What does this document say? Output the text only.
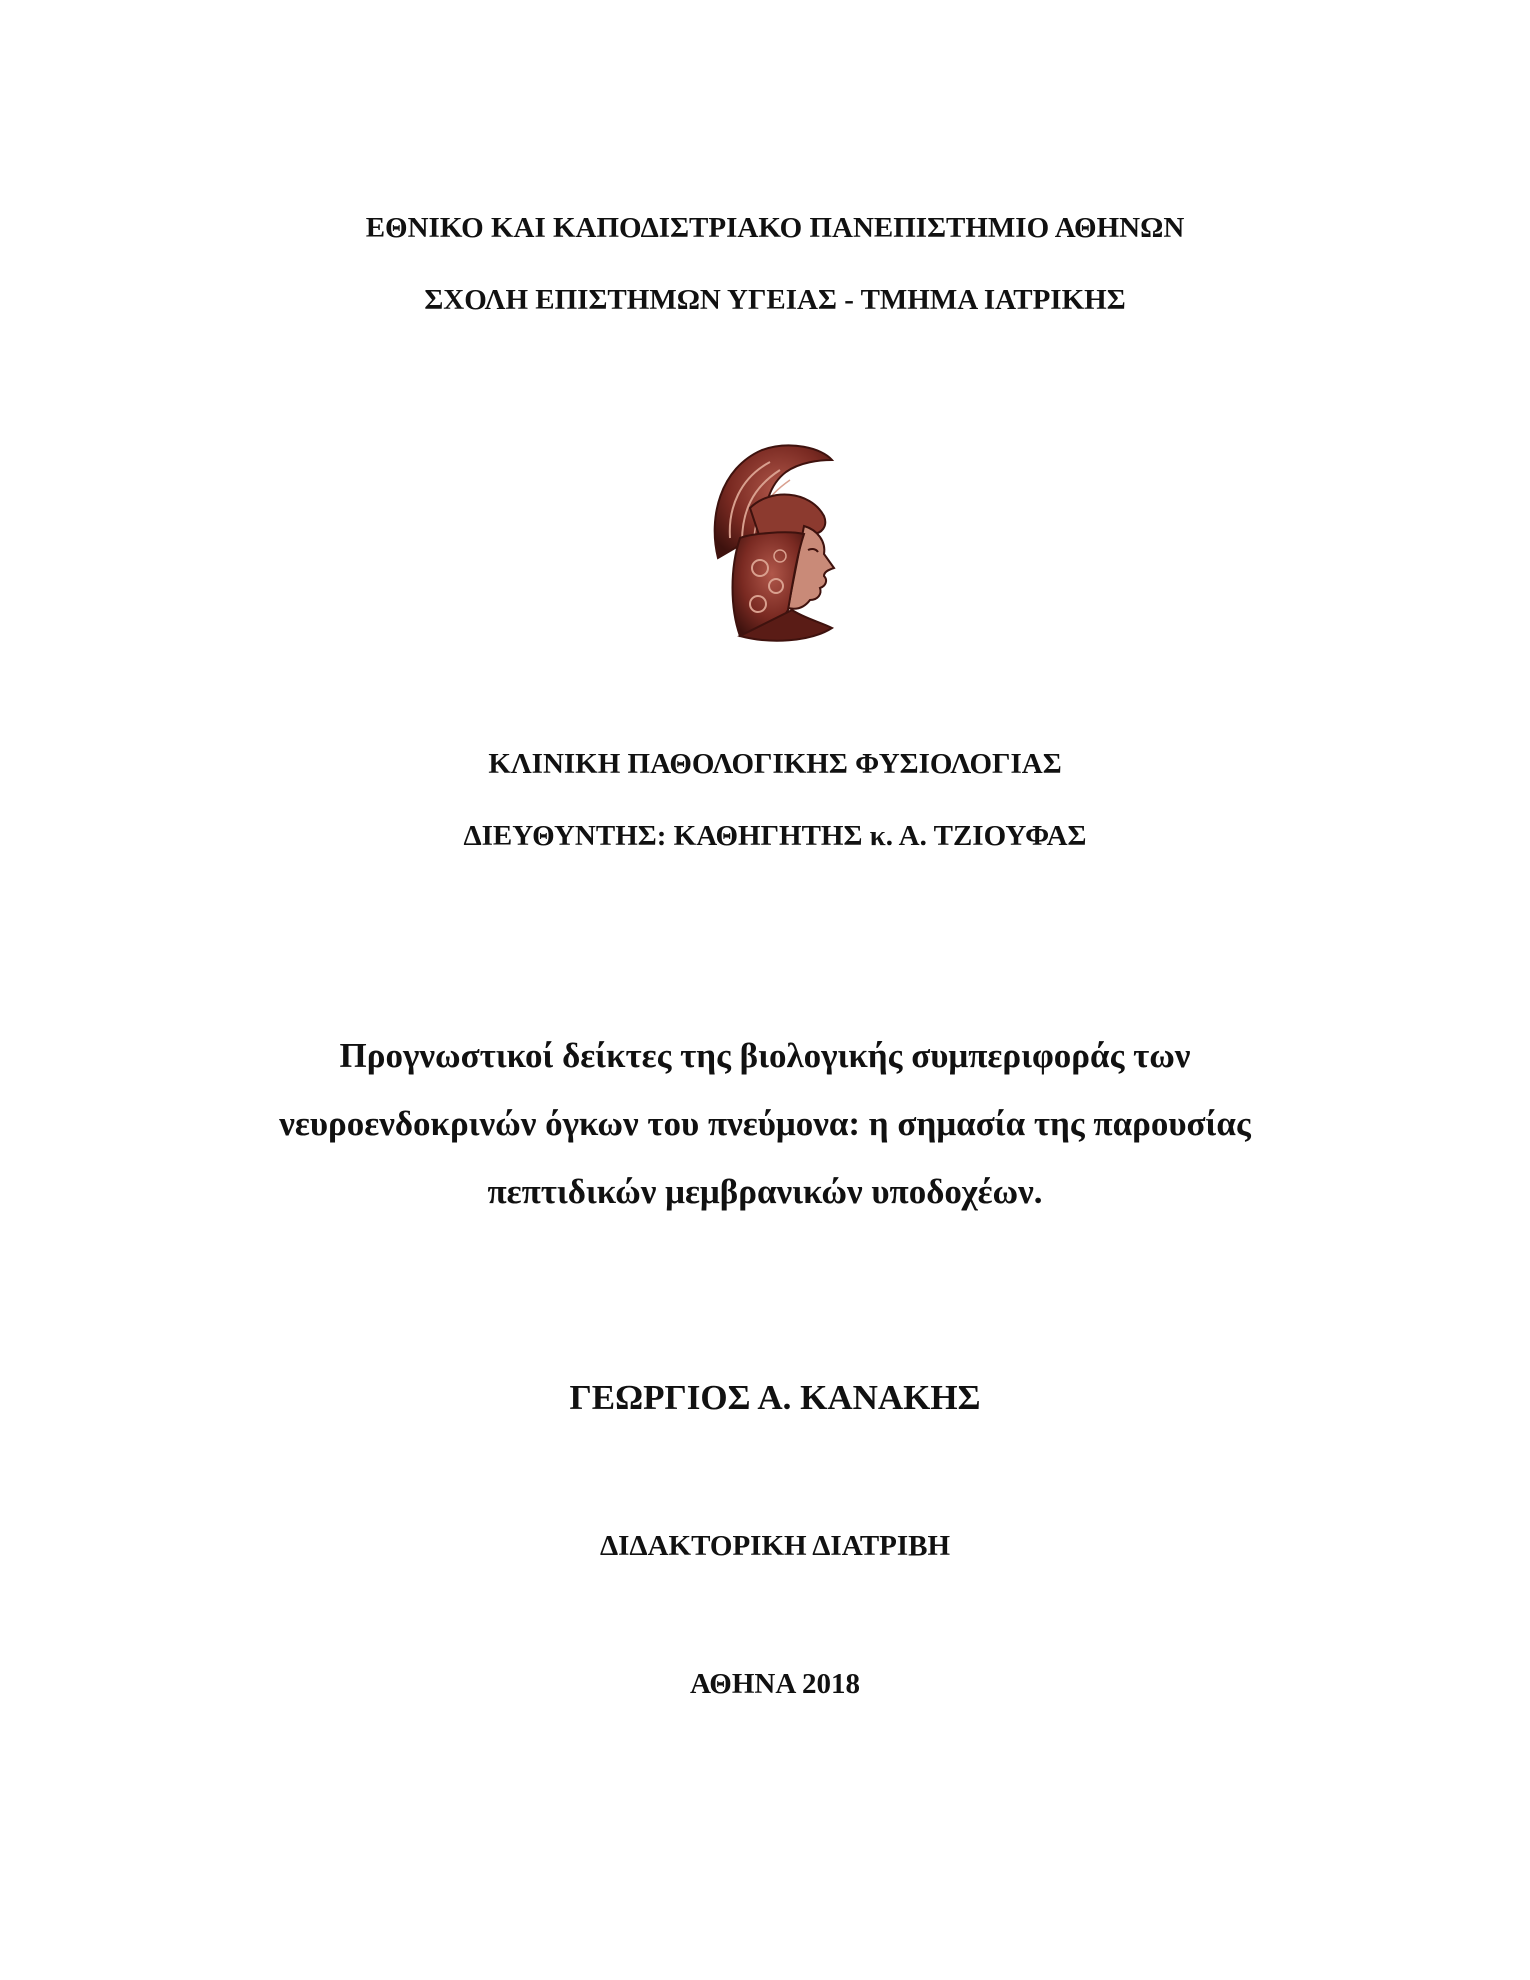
ΕΘΝΙΚΟ ΚΑΙ ΚΑΠΟΔΙΣΤΡΙΑΚΟ ΠΑΝΕΠΙΣΤΗΜΙΟ ΑΘΗΝΩΝ

ΣΧΟΛΗ ΕΠΙΣΤΗΜΩΝ ΥΓΕΙΑΣ - ΤΜΗΜΑ ΙΑΤΡΙΚΗΣ

ΚΛΙΝΙΚΗ ΠΑΘΟΛΟΓΙΚΗΣ ΦΥΣΙΟΛΟΓΙΑΣ

ΔΙΕΥΘΥΝΤΗΣ: ΚΑΘΗΓΗΤΗΣ κ. Α. ΤΖΙΟΥΦΑΣ

Προγνωστικοί δείκτες της βιολογικής συμπεριφοράς των

νευροενδοκρινών όγκων του πνεύμονα: η σημασία της παρουσίας

πεπτιδικών μεμβρανικών υποδοχέων.

ΓΕΩΡΓΙΟΣ Α. ΚΑΝΑΚΗΣ

ΔΙΔΑΚΤΟΡΙΚΗ ΔΙΑΤΡΙΒΗ

ΑΘΗΝΑ 2018
